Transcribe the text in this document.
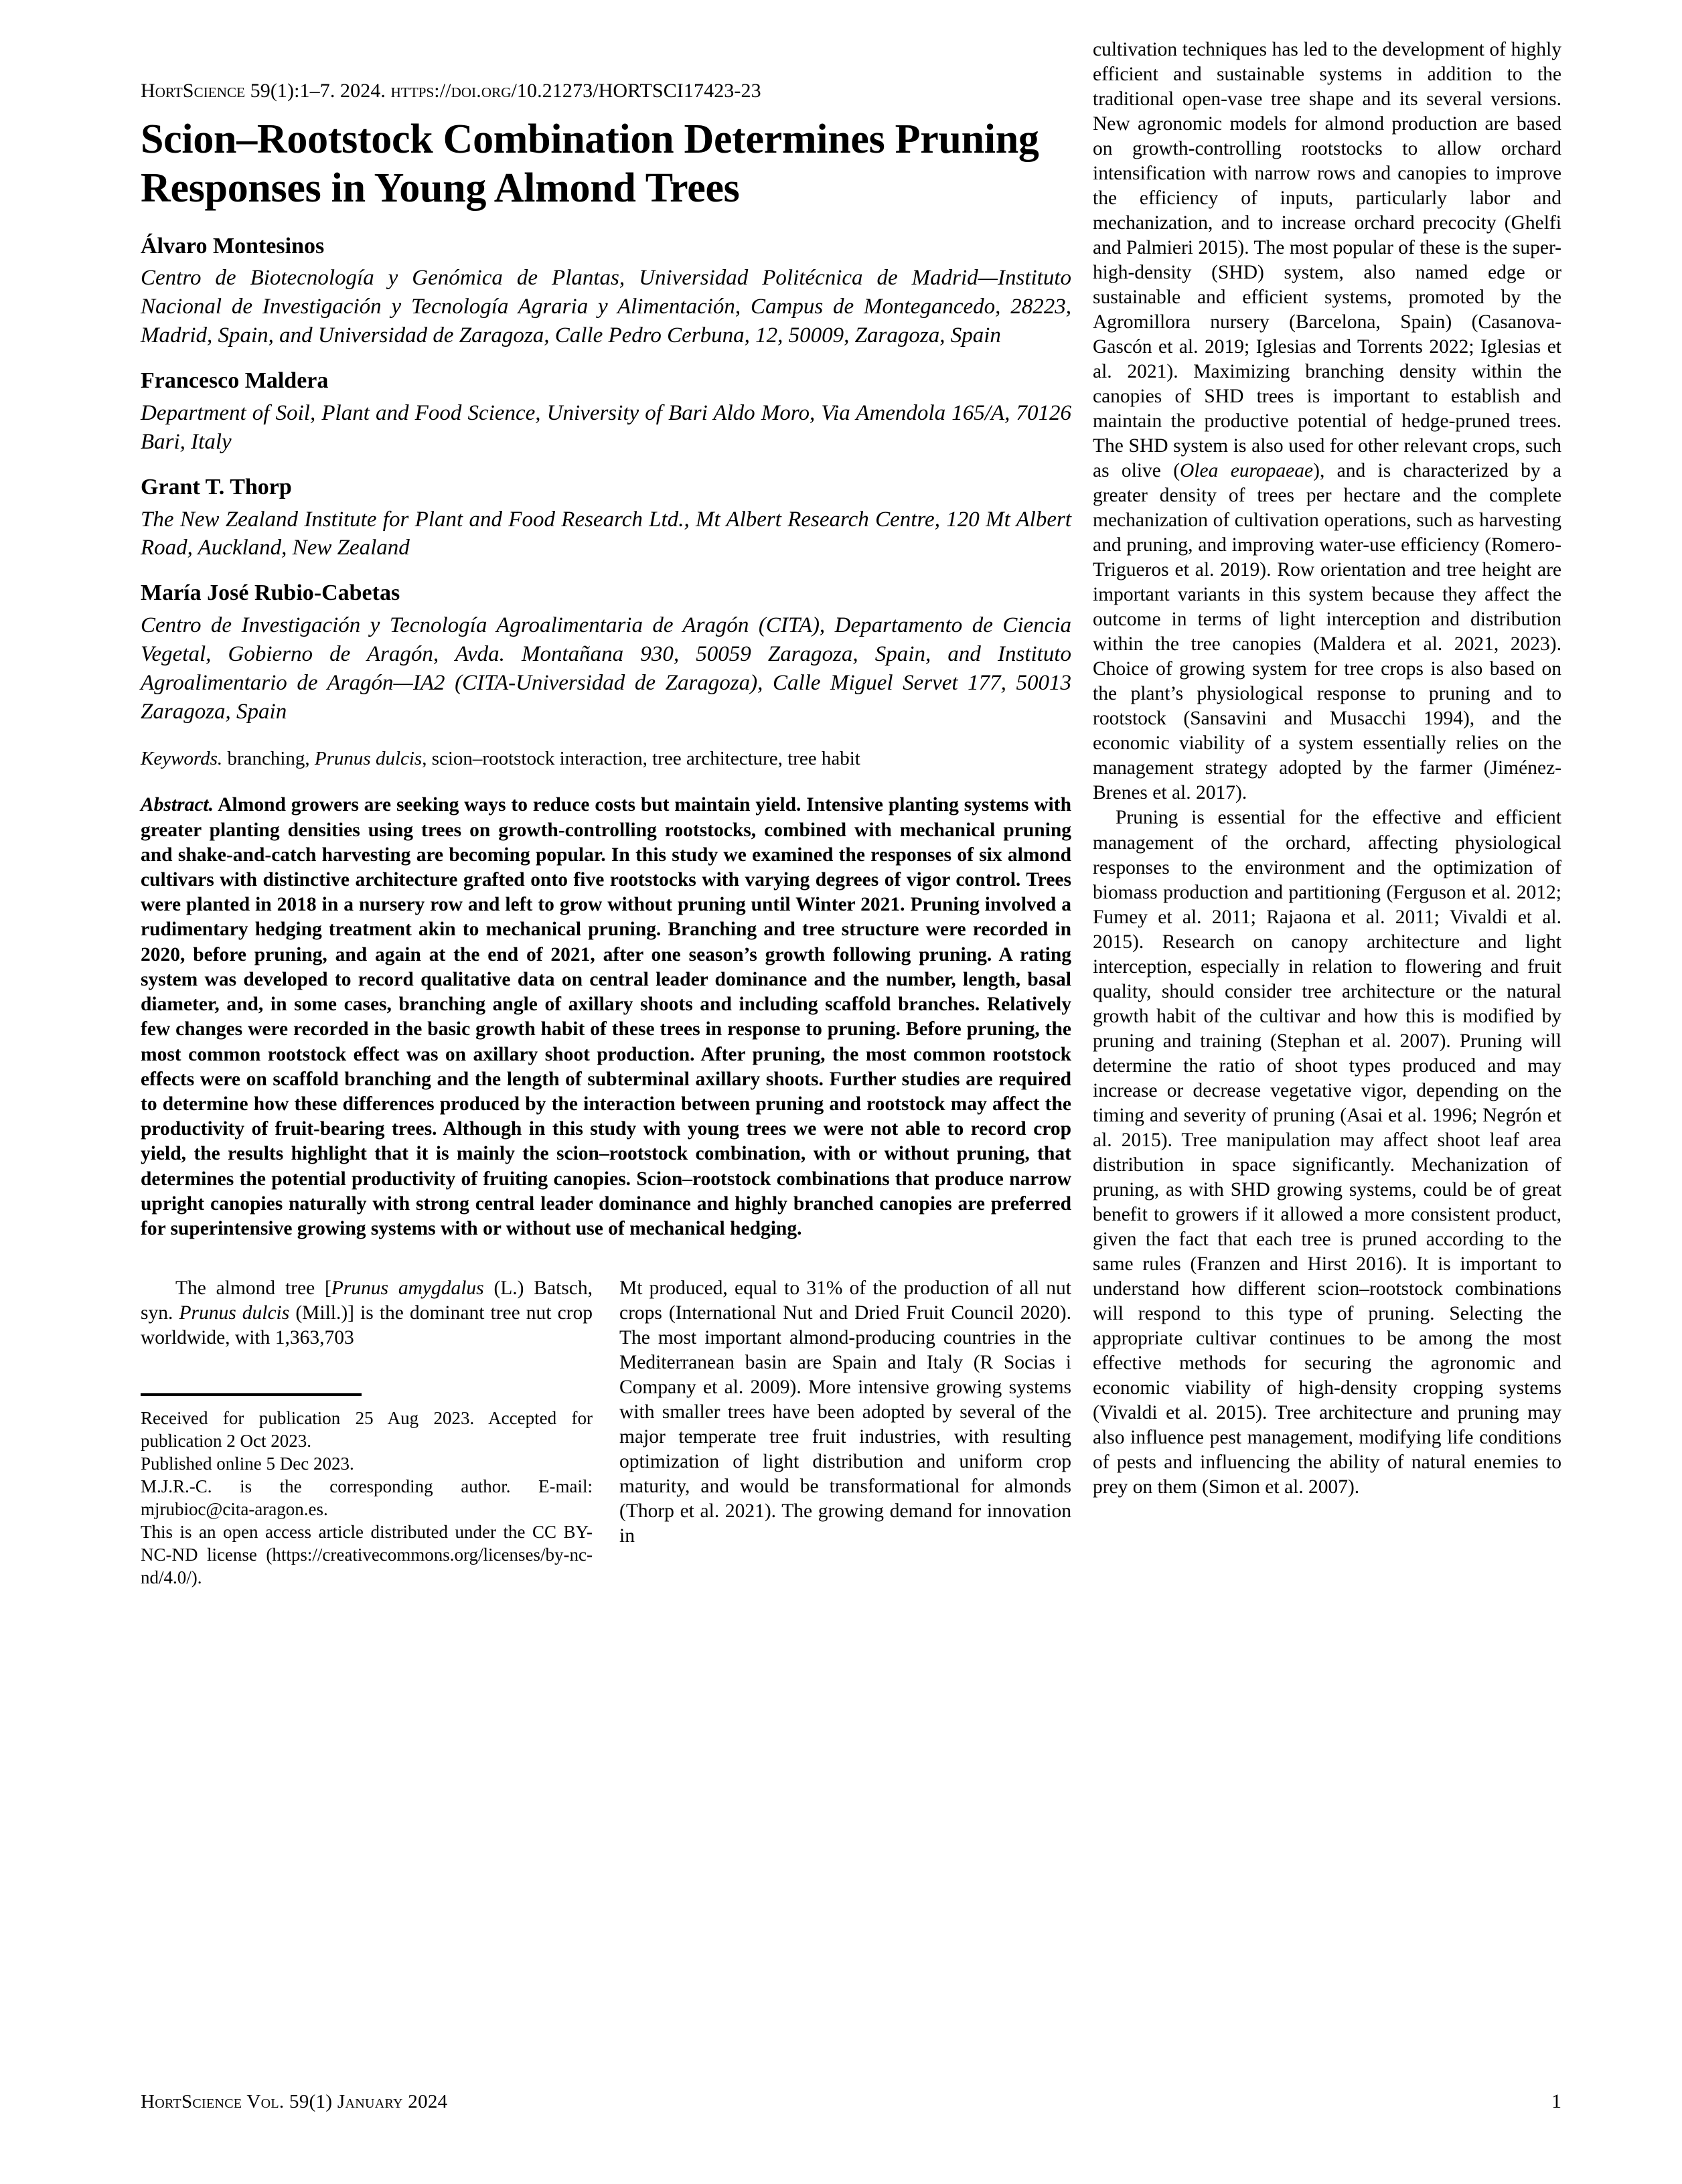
cultivation techniques has led to the development of highly efficient and sustainable systems in addition to the traditional open-vase tree shape and its several versions. New agronomic models for almond production are based on growth-controlling rootstocks to allow orchard intensification with narrow rows and canopies to improve the efficiency of inputs, particularly labor and mechanization, and to increase orchard precocity (Ghelfi and Palmieri 2015). The most popular of these is the super-high-density (SHD) system, also named edge or sustainable and efficient systems, promoted by the Agromillora nursery (Barcelona, Spain) (Casanova-Gascón et al. 2019; Iglesias and Torrents 2022; Iglesias et al. 2021). Maximizing branching density within the canopies of SHD trees is important to establish and maintain the productive potential of hedge-pruned trees. The SHD system is also used for other relevant crops, such as olive (Olea europaeae), and is characterized by a greater density of trees per hectare and the complete mechanization of cultivation operations, such as harvesting and pruning, and improving water-use efficiency (Romero-Trigueros et al. 2019). Row orientation and tree height are important variants in this system because they affect the outcome in terms of light interception and distribution within the tree canopies (Maldera et al. 2021, 2023). Choice of growing system for tree crops is also based on the plant’s physiological response to pruning and to rootstock (Sansavini and Musacchi 1994), and the economic viability of a system essentially relies on the management strategy adopted by the farmer (Jiménez-Brenes et al. 2017).

Pruning is essential for the effective and efficient management of the orchard, affecting physiological responses to the environment and the optimization of biomass production and partitioning (Ferguson et al. 2012; Fumey et al. 2011; Rajaona et al. 2011; Vivaldi et al. 2015). Research on canopy architecture and light interception, especially in relation to flowering and fruit quality, should consider tree architecture or the natural growth habit of the cultivar and how this is modified by pruning and training (Stephan et al. 2007). Pruning will determine the ratio of shoot types produced and may increase or decrease vegetative vigor, depending on the timing and severity of pruning (Asai et al. 1996; Negrón et al. 2015). Tree manipulation may affect shoot leaf area distribution in space significantly. Mechanization of pruning, as with SHD growing systems, could be of great benefit to growers if it allowed a more consistent product, given the fact that each tree is pruned according to the same rules (Franzen and Hirst 2016). It is important to understand how different scion–rootstock combinations will respond to this type of pruning. Selecting the appropriate cultivar continues to be among the most effective methods for securing the agronomic and economic viability of high-density cropping systems (Vivaldi et al. 2015). Tree architecture and pruning may also influence pest management, modifying life conditions of pests and influencing the ability of natural enemies to prey on them (Simon et al. 2007).

HortScience 59(1):1–7. 2024. https://doi.org/10.21273/HORTSCI17423-23
Scion–Rootstock Combination Determines Pruning Responses in Young Almond Trees
Álvaro Montesinos
Centro de Biotecnología y Genómica de Plantas, Universidad Politécnica de Madrid—Instituto Nacional de Investigación y Tecnología Agraria y Alimentación, Campus de Montegancedo, 28223, Madrid, Spain, and Universidad de Zaragoza, Calle Pedro Cerbuna, 12, 50009, Zaragoza, Spain
Francesco Maldera
Department of Soil, Plant and Food Science, University of Bari Aldo Moro, Via Amendola 165/A, 70126 Bari, Italy
Grant T. Thorp
The New Zealand Institute for Plant and Food Research Ltd., Mt Albert Research Centre, 120 Mt Albert Road, Auckland, New Zealand
María José Rubio-Cabetas
Centro de Investigación y Tecnología Agroalimentaria de Aragón (CITA), Departamento de Ciencia Vegetal, Gobierno de Aragón, Avda. Montañana 930, 50059 Zaragoza, Spain, and Instituto Agroalimentario de Aragón—IA2 (CITA-Universidad de Zaragoza), Calle Miguel Servet 177, 50013 Zaragoza, Spain
Keywords. branching, Prunus dulcis, scion–rootstock interaction, tree architecture, tree habit
Abstract. Almond growers are seeking ways to reduce costs but maintain yield. Intensive planting systems with greater planting densities using trees on growth-controlling rootstocks, combined with mechanical pruning and shake-and-catch harvesting are becoming popular. In this study we examined the responses of six almond cultivars with distinctive architecture grafted onto five rootstocks with varying degrees of vigor control. Trees were planted in 2018 in a nursery row and left to grow without pruning until Winter 2021. Pruning involved a rudimentary hedging treatment akin to mechanical pruning. Branching and tree structure were recorded in 2020, before pruning, and again at the end of 2021, after one season’s growth following pruning. A rating system was developed to record qualitative data on central leader dominance and the number, length, basal diameter, and, in some cases, branching angle of axillary shoots and including scaffold branches. Relatively few changes were recorded in the basic growth habit of these trees in response to pruning. Before pruning, the most common rootstock effect was on axillary shoot production. After pruning, the most common rootstock effects were on scaffold branching and the length of subterminal axillary shoots. Further studies are required to determine how these differences produced by the interaction between pruning and rootstock may affect the productivity of fruit-bearing trees. Although in this study with young trees we were not able to record crop yield, the results highlight that it is mainly the scion–rootstock combination, with or without pruning, that determines the potential productivity of fruiting canopies. Scion–rootstock combinations that produce narrow upright canopies naturally with strong central leader dominance and highly branched canopies are preferred for superintensive growing systems with or without use of mechanical hedging.

The almond tree [Prunus amygdalus (L.) Batsch, syn. Prunus dulcis (Mill.)] is the dominant tree nut crop worldwide, with 1,363,703

Received for publication 25 Aug 2023. Accepted for publication 2 Oct 2023.

Published online 5 Dec 2023.

M.J.R.-C. is the corresponding author. E-mail: mjrubioc@cita-aragon.es.

This is an open access article distributed under the CC BY-NC-ND license (https://creativecommons.org/licenses/by-nc-nd/4.0/).

Mt produced, equal to 31% of the production of all nut crops (International Nut and Dried Fruit Council 2020). The most important almond-producing countries in the Mediterranean basin are Spain and Italy (R Socias i Company et al. 2009). More intensive growing systems with smaller trees have been adopted by several of the major temperate tree fruit industries, with resulting optimization of light distribution and uniform crop maturity, and would be transformational for almonds (Thorp et al. 2021). The growing demand for innovation in

HortScience Vol. 59(1) January 2024	1
